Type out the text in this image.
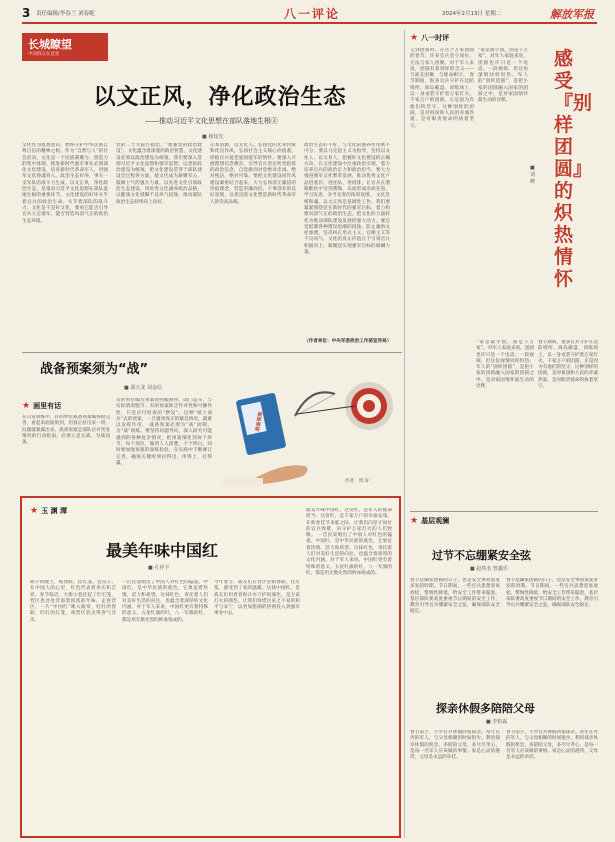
3 责任编辑/李春兰 刘春妮	八一评论	2024年2月13日 星期二	解放军报
长城瞭望
中国群众在此处
以文正风，净化政治生态
——推动习近平文化思想在部队落地生根④
■ 杨知先
文化作为思想意识，始终守护中华民族自尊自信的精神之根。作为“自然与人”的社会活动，文化是一个民族凝聚力、创造力的集中体现。推进新时代强军事业必须深化文化建设，培育新时代革命军人，用强军文化铸魂育人。政治生态好坏，事关一支军队的战斗力生成。以文正风，净化政治生态，是推动习近平文化思想在部队落地生根的重要环节。文化建设的好坏关乎着官兵的政治生命，关乎着部队的战斗力，文化是不是好文化，要看它能否引导官兵立志强军，能否营造风清气正的政治生态环境。
党的二十大报告指出，“加强党的政治建设”。文化蕴含着深邃的政治智慧，文化建设必须以政治建设为统领。我们要深入贯彻习近平文化思想和强军思想，以党的政治建设为统领，把文化建设贯穿于部队建设全过程各方面，使文化成为凝聚军心、鼓舞士气的强大力量。以先进文化引领政治生态建设，用优秀文化涵养政治品格，以健康文化抵御不良风气侵蚀，推动部队政治生态持续向上向好。
正本清源，以文化人。弘扬党的光荣传统和优良作风，弘扬社会主义核心价值观，厚植官兵爱党爱国爱军的情怀。要深入开展理想信念教育，引导官兵坚定听党指挥的政治信念，自觉做到对党绝对忠诚、绝对纯洁、绝对可靠。要把文化建设同作风建设紧密结合起来，大力弘扬清正廉洁的价值理念，营造崇廉尚俭、干事创业的良好氛围，以优良的文化塑造新时代革命军人的崇高品格。
政治生态好不好，与文化的涵养作用密不可分。要以马克思主义为指导，坚持以文化人、以文育人，把握好文化建设的正确方向，在文化建设中注重政治引领，着力培养官兵的政治定力和政治担当。要大力推进强军文化繁荣发展，推动优秀文化产品进基层、进连队、进班排，让官兵在潜移默化中受到熏陶，从而形成崇尚先进、学习先进、争当先进的浓厚氛围。 文化是根和魂，以文正风是基础性工作。我们要紧紧围绕党在新时代的强军目标，着力构建风清气正的政治生态，把文化的力量转化为推动部队建设发展的强大动力。要自觉抵制各种错误思潮的侵蚀，防止庸俗文化渗透，坚决纠正形式主义、官僚主义等不良风气。文化的真正价值在于引领官兵积极向上，凝聚起实现强军目标的磅礴力量。
（作者单位：中央军委政治工作部宣传局）
★ 八一时评
感受『别样团圆』的炽热情怀
■ 刘 峰
又到团圆时。在这个万家团圆的春节，许多官兵坚守岗位、无法与家人团聚。对于军人来说，团圆有着别样的含义——与战友团聚、与使命相守。 春节期间，很多官兵守护在边防哨所、海岛礁盘、训练场上，以一身戎装守护着万家灯火。千家万户的团圆，正是因为有他们的坚守。这种别样的团圆，是对祖国和人民的赤诚热爱，是对职责使命的执着坚守。
“家是最小国，国是千万家”。对军人家庭来说，团圆也许只是一个电话、一段视频，但这份深情同样炽热。军人的“别样团圆”，是把小家的团圆融入国家的团圆之中，是对家国情怀最生动的诠释。
春节期间，很多官兵守护在边防哨所、海岛礁盘、训练场上，以一身戎装守护着万家灯火。千家万户的团圆，正是因为有他们的坚守。这种别样的团圆，是对祖国和人民的赤诚热爱，是对职责使命的执着坚守。
“家是最小国，国是千万家”。对军人家庭来说，团圆也许只是一个电话、一段视频，但这份深情同样炽热。军人的“别样团圆”，是把小家的团圆融入国家的团圆之中，是对家国情怀最生动的诠释。
战备预案须为“战”
■ 邵天龙 刘金信
★ 画里有话
在日常训练中，有的单位战备预案编得很完善，看起来面面俱到，但真正拉出来一用，问题就暴露出来。战备预案是部队应对突发情况的行动指南，必须立足实战、为战而备。
有的单位编写预案时照搬照抄、闭门造车，与实际情况脱节；有的预案缺乏针对性和可操作性，只是应付检查的“摆设”。这种“纸上谈兵”式的预案，一旦遇到真正的紧急情况，就难以发挥作用。 战备预案必须为“战”而制、为“战”而练。要坚持问题导向，深入研究可能遇到的各种复杂情况，把预案细化到每个环节、每个岗位，做到人人清楚、个个明白。同时要加强预案的演练检验，在实践中不断修订完善，确保关键时刻拉得出、用得上、打得赢。
战备预案
作者：周 涛
★ 玉 渊 潭
最美年味中国红
■ 孔祥宇
除夕的晚上，贴春联、挂灯笼、包饺子。在中国人的心里，红色代表着喜庆和吉祥。春节临近，大街小巷挂起了红灯笼，营区也处处洋溢着浓浓的年味。走进营区，一片“中国红”映入眼帘，红红的春联，红红的灯笼，将营区装点得喜气洋洋。
一首民谣唱出了中国人对红色的偏爱。中国红，是中华民族的底色，它象征着热情、活力和希望。这抹红色，寄托着人们对美好生活的向往，也蕴含着深厚的文化内涵。对于军人来说，中国红更有着特殊的意义。五星红旗的红，八一军旗的红，都是用无数先烈的鲜血染成的。
今年春节，战友们在营区里贴春联、挂灯笼，感受到了家的温暖。这抹中国红，是战友们用青春和汗水守护的颜色，是万家灯火的颜色。让我们珍惜这来之不易的和平与安宁，以更加饱满的热情投入到强军事业中去。
最美年味中国红。这份红，是军人的使命担当；这份红，是千家万户的幸福安康。在新春佳节来临之际，让我们向坚守岗位的官兵致敬，向守护万家灯火的人们致敬。 一首民谣唱出了中国人对红色的偏爱。中国红，是中华民族的底色，它象征着热情、活力和希望。这抹红色，寄托着人们对美好生活的向往，也蕴含着深厚的文化内涵。对于军人来说，中国红更有着特殊的意义。五星红旗的红，八一军旗的红，都是用无数先烈的鲜血染成的。
★ 基层观澜
过节不忘绷紧安全弦
■ 赵铁名 曾鑫乐
春节是阖家团圆的日子，也是安全事故易发多发的时期。节日期间，一些官兵思想容易放松，警惕性降低，给安全工作带来隐患。基层部队要高度重视节日期间的安全工作，教育引导官兵绷紧安全之弦，确保部队安全稳定。
春节是阖家团圆的日子，也是安全事故易发多发的时期。节日期间，一些官兵思想容易放松，警惕性降低，给安全工作带来隐患。基层部队要高度重视节日期间的安全工作，教育引导官兵绷紧安全之弦，确保部队安全稳定。
探亲休假多陪陪父母
■ 李柏霖
春节前夕，不少官兵休假回家探亲。常年在外的军人，与父母相聚的时间很少。利用探亲休假的机会，多陪陪父母，多尽尽孝心，是每一名军人应该做的事情。家是心灵的港湾，父母是永远的牵挂。
春节前夕，不少官兵休假回家探亲。常年在外的军人，与父母相聚的时间很少。利用探亲休假的机会，多陪陪父母，多尽尽孝心，是每一名军人应该做的事情。家是心灵的港湾，父母是永远的牵挂。
